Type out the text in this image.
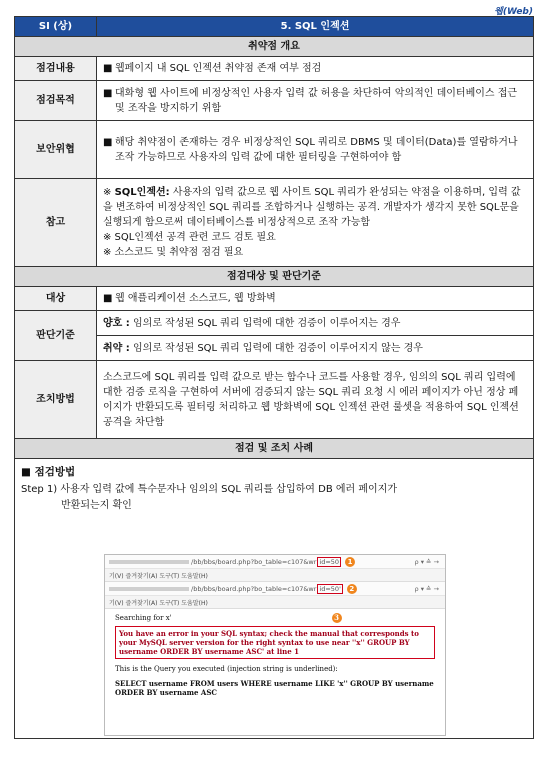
웹(Web)
SI (상)	5. SQL 인젝션
취약점 개요	
점검내용	■ 웹페이지 내 SQL 인젝션 취약점 존재 여부 점검

점검목적	■ 대화형 웹 사이트에 비정상적인 사용자 입력 값 허용을 차단하여 악의적인 데이터베이스 접근 및 조작을 방지하기 위함

보안위협	■ 해당 취약점이 존재하는 경우 비정상적인 SQL 쿼리로 DBMS 및 데이터(Data)를 열람하거나 조작 가능하므로 사용자의 입력 값에 대한 필터링을 구현하여야 함

참고	※ SQL인젝션: 사용자의 입력 값으로 웹 사이트 SQL 쿼리가 완성되는 약점을 이용하며, 입력 값을 변조하여 비정상적인 SQL 쿼리를 조합하거나 실행하는 공격. 개발자가 생각지 못한 SQL문을 실행되게 함으로써 데이터베이스를 비정상적으로 조작 가능함
※ SQL인젝션 공격 관련 코드 검토 필요
※ 소스코드 및 취약점 점검 필요

점검대상 및 판단기준	
대상	■ 웹 애플리케이션 소스코드, 웹 방화벽

판단기준	양호 : 임의로 작성된 SQL 쿼리 입력에 대한 검증이 이루어지는 경우
	취약 : 임의로 작성된 SQL 쿼리 입력에 대한 검증이 이루어지지 않는 경우
조치방법	소스코드에 SQL 쿼리를 입력 값으로 받는 함수나 코드를 사용할 경우, 임의의 SQL 쿼리 입력에 대한 검증 로직을 구현하여 서버에 검증되지 않는 SQL 쿼리 요청 시 에러 페이지가 아닌 정상 페이지가 반환되도록 필터링 처리하고 웹 방화벽에 SQL 인젝션 관련 룰셋을 적용하여 SQL 인젝션 공격을 차단함
점검 및 조치 사례	

■ 점검방법
Step 1) 사용자 입력 값에 특수문자나 임의의 SQL 쿼리를 삽입하여 DB 에러 페이지가
반환되는지 확인	
/bb/bbs/board.php?bo_table=c107&wr id=50	1	ρ ▾ ≙ →
기(V) 즐겨찾기(A) 도구(T) 도움말(H)
/bb/bbs/board.php?bo_table=c107&wr id=50'	2	ρ ▾ ≙ →
기(V) 즐겨찾기(A) 도구(T) 도움말(H)
Searching for x'	3
You have an error in your SQL syntax; check the manual that corresponds to your MySQL server version for the right syntax to use near ''x'' GROUP BY username ORDER BY username ASC' at line 1
This is the Query you executed (injection string is underlined):
SELECT username FROM users WHERE username LIKE 'x'' GROUP BY username ORDER BY username ASC
